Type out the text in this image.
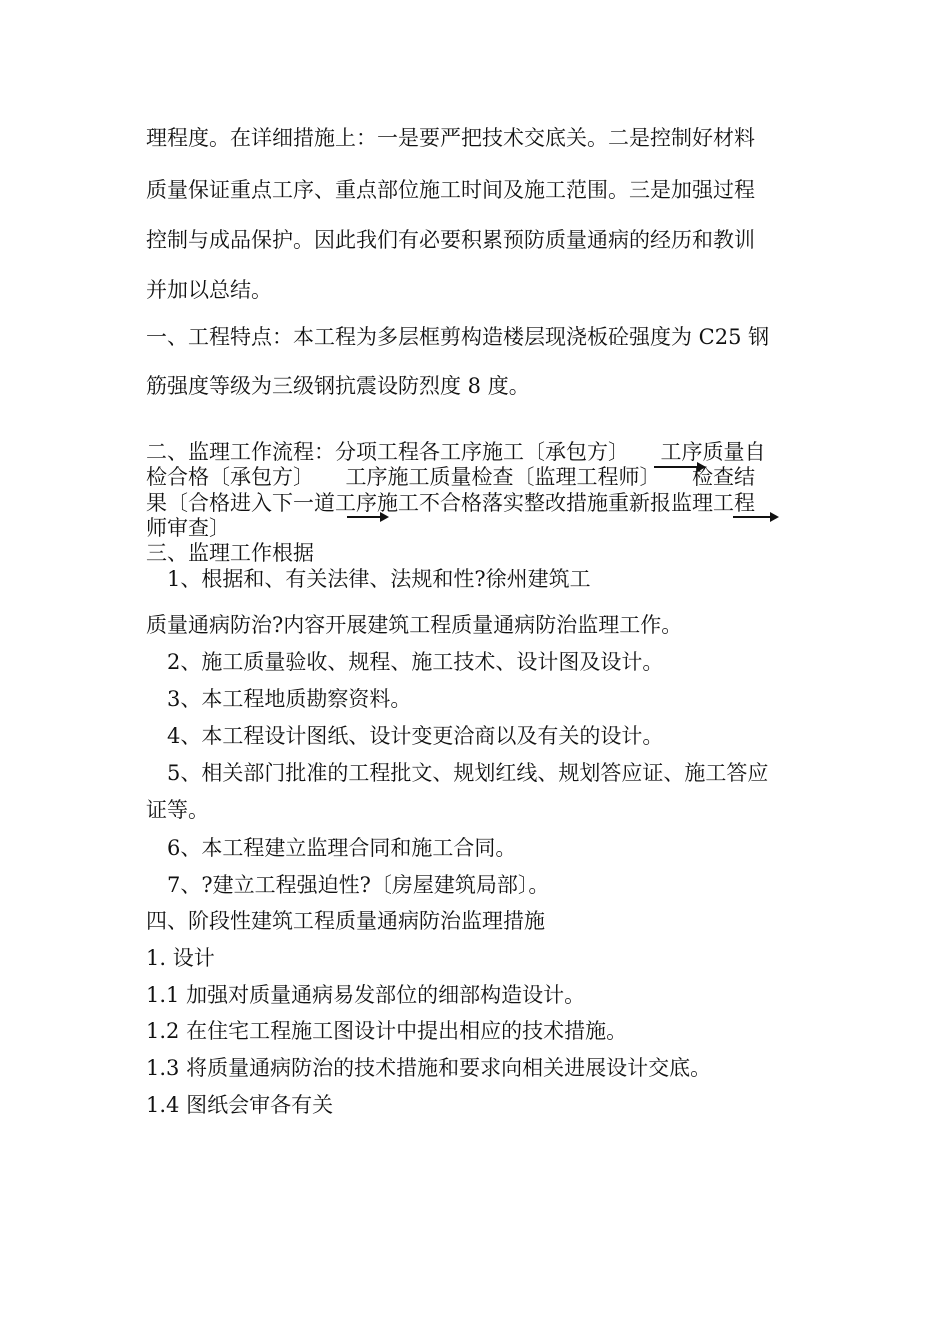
理程度。在详细措施上：一是要严把技术交底关。二是控制好材料
质量保证重点工序、重点部位施工时间及施工范围。三是加强过程
控制与成品保护。因此我们有必要积累预防质量通病的经历和教训
并加以总结。
一、工程特点：本工程为多层框剪构造楼层现浇板砼强度为 C25 钢
筋强度等级为三级钢抗震设防烈度 8 度。
二、监理工作流程：分项工程各工序施工〔承包方〕　　工序质量自
检合格〔承包方〕　　工序施工质量检查〔监理工程师〕　　检查结
果〔合格进入下一道工序施工不合格落实整改措施重新报监理工程
师审查〕
三、监理工作根据
1、根据和、有关法律、法规和性?徐州建筑工
质量通病防治?内容开展建筑工程质量通病防治监理工作。
2、施工质量验收、规程、施工技术、设计图及设计。
3、本工程地质勘察资料。
4、本工程设计图纸、设计变更洽商以及有关的设计。
5、相关部门批准的工程批文、规划红线、规划答应证、施工答应
证等。
6、本工程建立监理合同和施工合同。
7、?建立工程强迫性?〔房屋建筑局部〕。
四、阶段性建筑工程质量通病防治监理措施
1. 设计
1.1 加强对质量通病易发部位的细部构造设计。
1.2 在住宅工程施工图设计中提出相应的技术措施。
1.3 将质量通病防治的技术措施和要求向相关进展设计交底。
1.4 图纸会审各有关
